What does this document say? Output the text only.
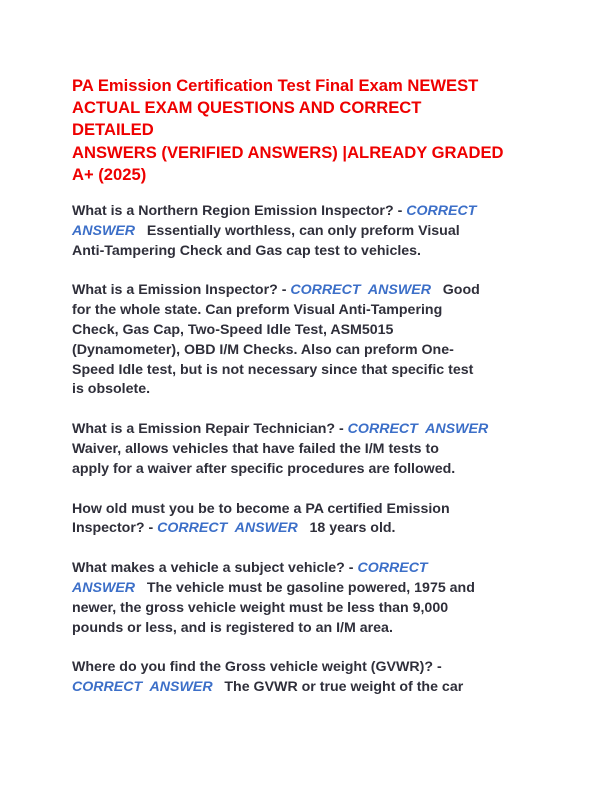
PA Emission Certification Test Final Exam NEWEST
ACTUAL EXAM QUESTIONS AND CORRECT
DETAILED
ANSWERS (VERIFIED ANSWERS) |ALREADY GRADED
A+ (2025)
What is a Northern Region Emission Inspector? - CORRECT
ANSWER   Essentially worthless, can only preform Visual
Anti-Tampering Check and Gas cap test to vehicles.
What is a Emission Inspector? - CORRECT  ANSWER   Good
for the whole state. Can preform Visual Anti-Tampering
Check, Gas Cap, Two-Speed Idle Test, ASM5015
(Dynamometer), OBD I/M Checks. Also can preform One-
Speed Idle test, but is not necessary since that specific test
is obsolete.
What is a Emission Repair Technician? - CORRECT  ANSWER
Waiver, allows vehicles that have failed the I/M tests to
apply for a waiver after specific procedures are followed.
How old must you be to become a PA certified Emission
Inspector? - CORRECT  ANSWER   18 years old.
What makes a vehicle a subject vehicle? - CORRECT
ANSWER   The vehicle must be gasoline powered, 1975 and
newer, the gross vehicle weight must be less than 9,000
pounds or less, and is registered to an I/M area.
Where do you find the Gross vehicle weight (GVWR)? -
CORRECT  ANSWER   The GVWR or true weight of the car
